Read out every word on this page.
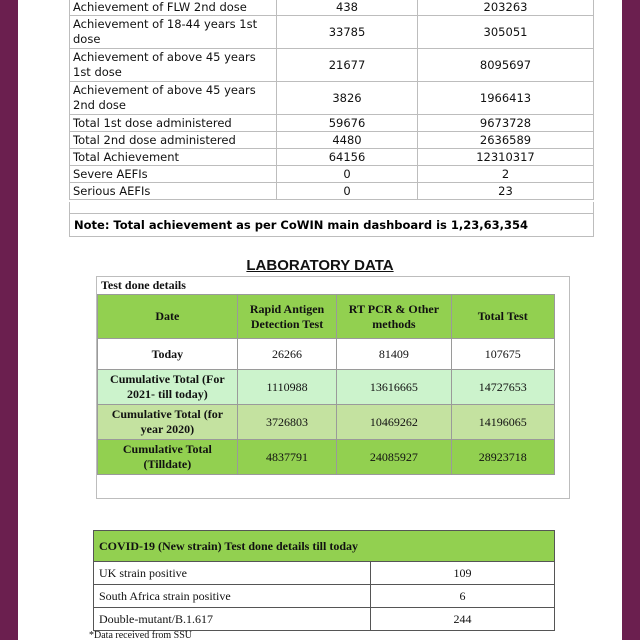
Achievement of FLW 2nd dose	438	203263
Achievement of 18-44 years 1st dose	33785	305051
Achievement of above 45 years 1st dose	21677	8095697
Achievement of above 45 years 2nd dose	3826	1966413
Total 1st dose administered	59676	9673728
Total 2nd dose administered	4480	2636589
Total Achievement	64156	12310317
Severe AEFIs	0	2
Serious AEFIs	0	23
Note: Total achievement as per CoWIN main dashboard is 1,23,63,354
LABORATORY DATA
Test done details
Date	Rapid Antigen Detection Test	RT PCR & Other methods	Total Test
Today	26266	81409	107675
Cumulative Total (For 2021- till today)	1110988	13616665	14727653
Cumulative Total (for year 2020)	3726803	10469262	14196065
Cumulative Total (Tilldate)	4837791	24085927	28923718
COVID-19 (New strain) Test done details till today	
UK strain positive	109
South Africa strain positive	6
Double-mutant/B.1.617	244
*Data received from SSU
